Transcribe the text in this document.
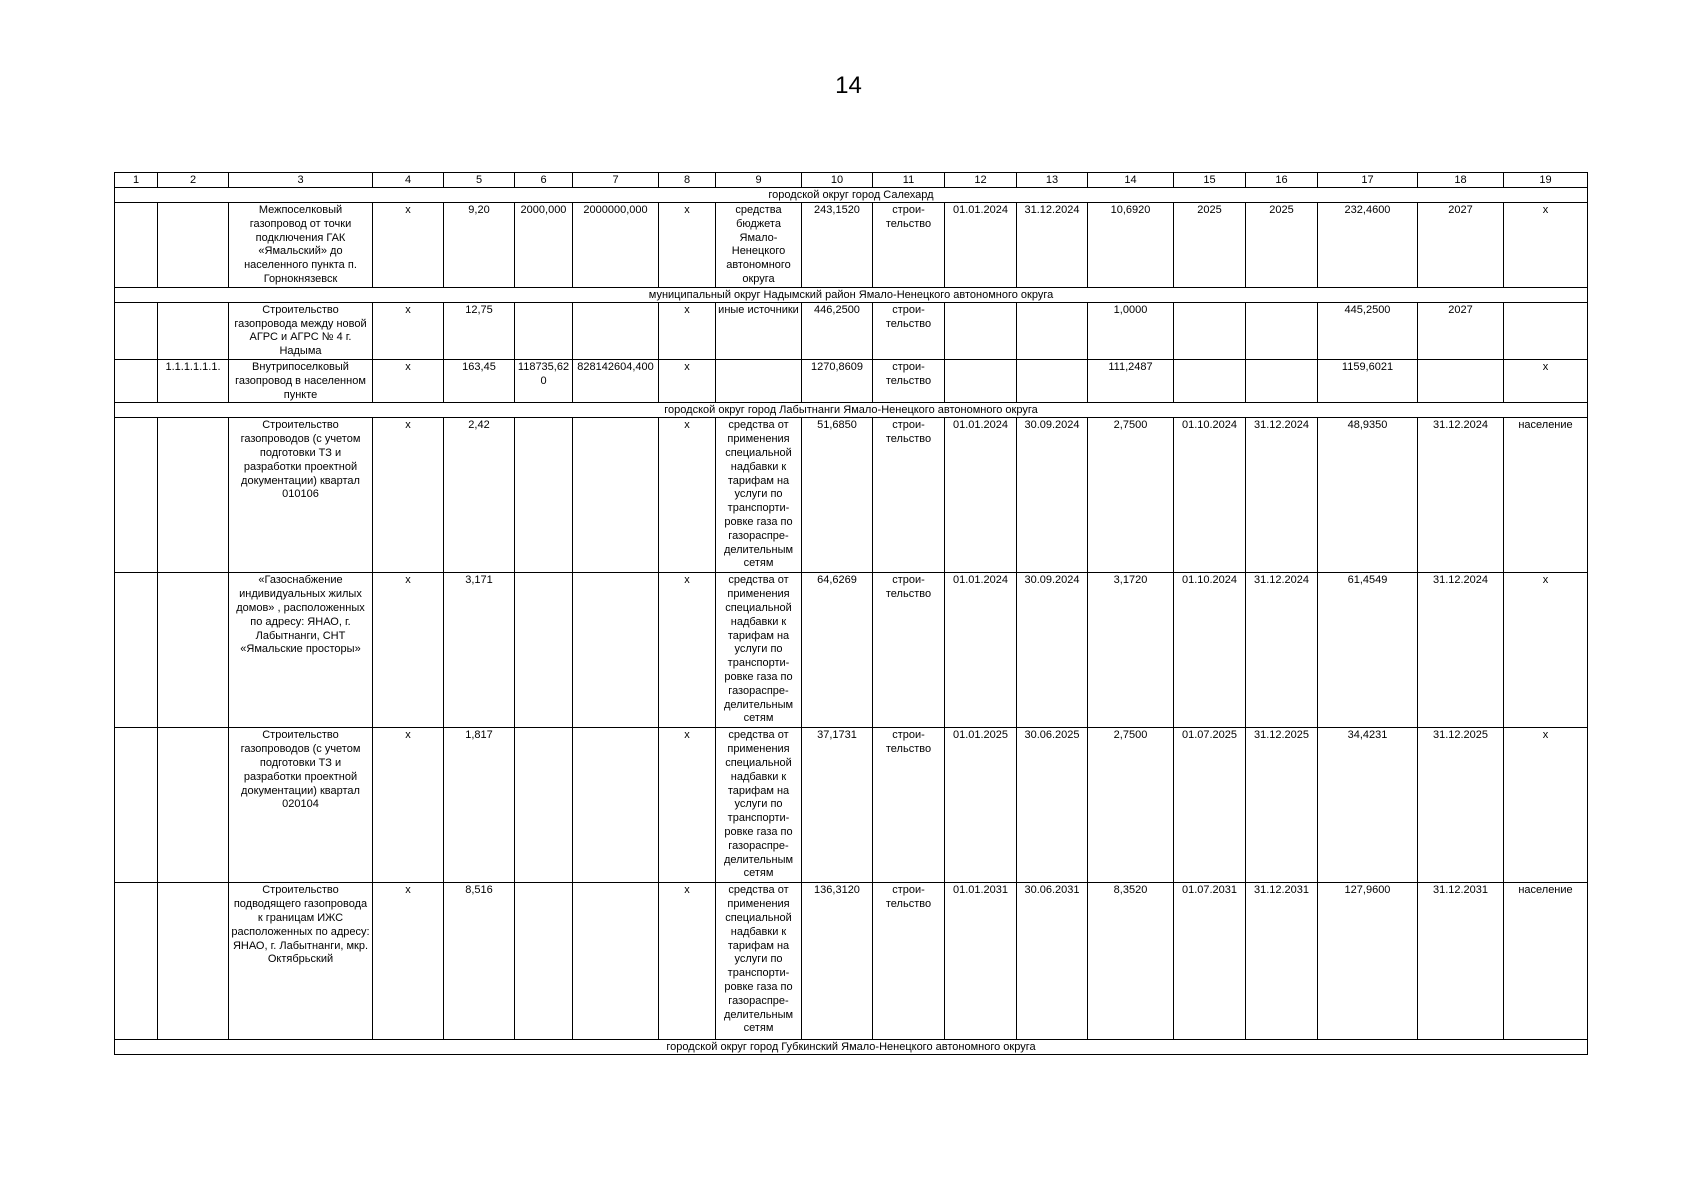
14
1	2	3	4	5	6	7	8	9	10	11	12	13	14	15	16	17	18	19
городской округ город Салехард																		
		Межпоселковый газопровод от точки подключения ГАК «Ямальский» до населенного пункта п. Горнокнязевск	x	9,20	2000,000	2000000,000	x	средства бюджета Ямало-Ненецкого автономного округа	243,1520	строи-тельство	01.01.2024	31.12.2024	10,6920	2025	2025	232,4600	2027	x
муниципальный округ Надымский район Ямало-Ненецкого автономного округа																		
		Строительство газопровода между новой АГРС и АГРС № 4 г. Надыма	x	12,75			x	иные источники	446,2500	строи-тельство			1,0000			445,2500	2027	
	1.1.1.1.1.1.	Внутрипоселковый газопровод в населенном пункте	x	163,45	118735,620	828142604,400	x		1270,8609	строи-тельство			111,2487			1159,6021		x
городской округ город Лабытнанги Ямало-Ненецкого автономного округа																		
		Строительство газопроводов (с учетом подготовки ТЗ и разработки проектной документации) квартал 010106	x	2,42			x	средства от применения специальной надбавки к тарифам на услуги по транспорти-ровке газа по газораспре-делительным сетям	51,6850	строи-тельство	01.01.2024	30.09.2024	2,7500	01.10.2024	31.12.2024	48,9350	31.12.2024	население
		«Газоснабжение индивидуальных жилых домов» , расположенных по адресу: ЯНАО, г. Лабытнанги, СНТ «Ямальские просторы»	x	3,171			x	средства от применения специальной надбавки к тарифам на услуги по транспорти-ровке газа по газораспре-делительным сетям	64,6269	строи-тельство	01.01.2024	30.09.2024	3,1720	01.10.2024	31.12.2024	61,4549	31.12.2024	x
		Строительство газопроводов (с учетом подготовки ТЗ и разработки проектной документации) квартал 020104	x	1,817			x	средства от применения специальной надбавки к тарифам на услуги по транспорти-ровке газа по газораспре-делительным сетям	37,1731	строи-тельство	01.01.2025	30.06.2025	2,7500	01.07.2025	31.12.2025	34,4231	31.12.2025	x
		Строительство подводящего газопровода к границам ИЖС расположенных по адресу: ЯНАО, г. Лабытнанги, мкр. Октябрьский	x	8,516			x	средства от применения специальной надбавки к тарифам на услуги по транспорти-ровке газа по газораспре-делительным сетям	136,3120	строи-тельство	01.01.2031	30.06.2031	8,3520	01.07.2031	31.12.2031	127,9600	31.12.2031	население
городской округ город Губкинский Ямало-Ненецкого автономного округа																		
